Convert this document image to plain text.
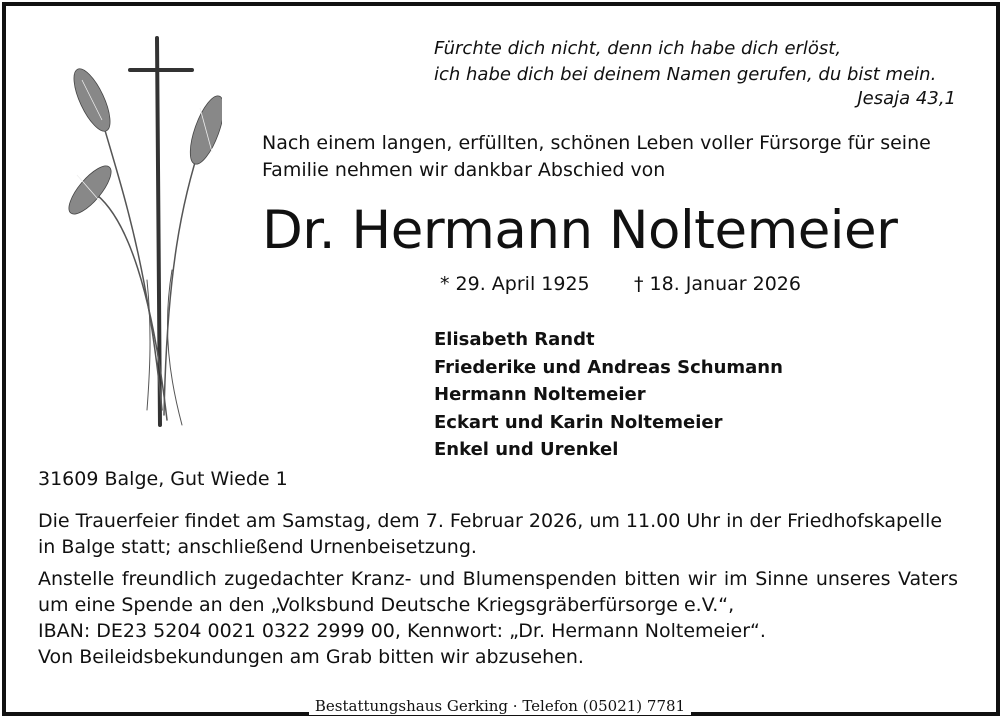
Fürchte dich nicht, denn ich habe dich erlöst,
ich habe dich bei deinem Namen gerufen, du bist mein.
Jesaja 43,1
Nach einem langen, erfüllten, schönen Leben voller Fürsorge für seine
Familie nehmen wir dankbar Abschied von
Dr. Hermann Noltemeier
* 29. April 1925 † 18. Januar 2026
Elisabeth Randt
Friederike und Andreas Schumann
Hermann Noltemeier
Eckart und Karin Noltemeier
Enkel und Urenkel
31609 Balge, Gut Wiede 1
Die Trauerfeier findet am Samstag, dem 7. Februar 2026, um 11.00 Uhr in der Friedhofskapelle in Balge statt; anschließend Urnenbeisetzung.
Anstelle freundlich zugedachter Kranz- und Blumenspenden bitten wir im Sinne unseres Vaters um eine Spende an den „Volksbund Deutsche Kriegsgräberfürsorge e.V.“,
IBAN: DE23 5204 0021 0322 2999 00, Kennwort: „Dr. Hermann Noltemeier“.
Von Beileidsbekundungen am Grab bitten wir abzusehen.
Bestattungshaus Gerking · Telefon (05021) 7781
